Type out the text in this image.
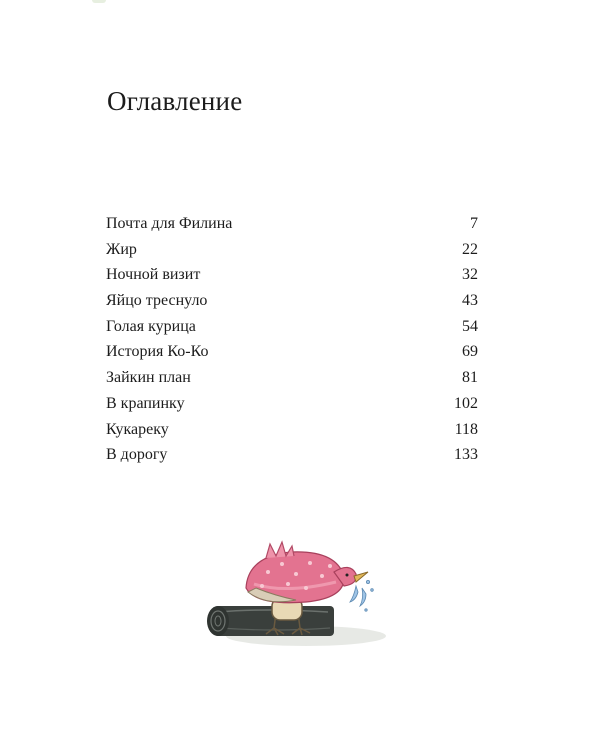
Оглавление
Почта для Филина	7
Жир	22
Ночной визит	32
Яйцо треснуло	43
Голая курица	54
История Ко-Ко	69
Зайкин план	81
В крапинку	102
Кукареку	118
В дорогу	133
